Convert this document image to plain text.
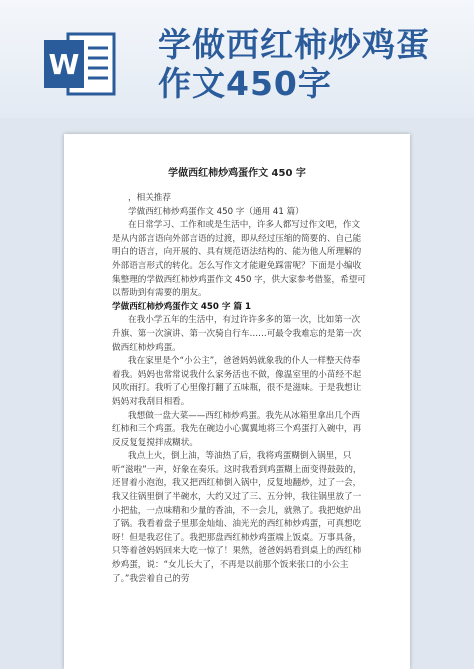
W
学做西红柿炒鸡蛋
作文450字
学做西红柿炒鸡蛋作文 450 字

，相关推荐

学做西红柿炒鸡蛋作文 450 字（通用 41 篇）

在日常学习、工作和或是生活中，许多人都写过作文吧，作文是从内部言语向外部言语的过渡，即从经过压缩的简要的、自己能明白的语言，向开展的、具有规范语法结构的、能为他人所理解的外部语言形式的转化。怎么写作文才能避免踩雷呢？下面是小编收集整理的学做西红柿炒鸡蛋作文 450 字，供大家参考借鉴，希望可以帮助到有需要的朋友。

学做西红柿炒鸡蛋作文 450 字 篇 1

在我小学五年的生活中，有过许许多多的第一次，比如第一次升旗、第一次演讲、第一次骑自行车……可最令我难忘的是第一次做西红柿炒鸡蛋。

我在家里是个“小公主”，爸爸妈妈就象我的仆人一样整天侍奉着我。妈妈也常常说我什么家务活也不做，像温室里的小苗经不起风吹雨打。我听了心里像打翻了五味瓶，很不是滋味。于是我想让妈妈对我刮目相看。

我想做一盘大菜——西红柿炒鸡蛋。我先从冰箱里拿出几个西红柿和三个鸡蛋。我先在碗边小心翼翼地将三个鸡蛋打入碗中，再反反复复搅拌成糊状。

我点上火，倒上油，等油热了后，我将鸡蛋糊倒入锅里，只听“滋啦”一声，好象在奏乐。这时我看到鸡蛋糊上面变得鼓鼓的，还冒着小泡泡，我又把西红柿倒入锅中，反复地翻炒，过了一会，我又往锅里倒了半碗水，大约又过了三、五分钟，我往锅里放了一小把盐，一点味精和少量的香油，不一会儿，就熟了。我把炮炉出了锅。我看着盘子里那金灿灿、油光光的西红柿炒鸡蛋，可真想吃呀！但是我忍住了。我把那盘西红柿炒鸡蛋端上饭桌。万事具备，只等着爸妈妈回来大吃一惊了！果然，爸爸妈妈看到桌上的西红柿炒鸡蛋，说：“女儿长大了，不再是以前那个饭来张口的小公主了。”我尝着自己的劳
